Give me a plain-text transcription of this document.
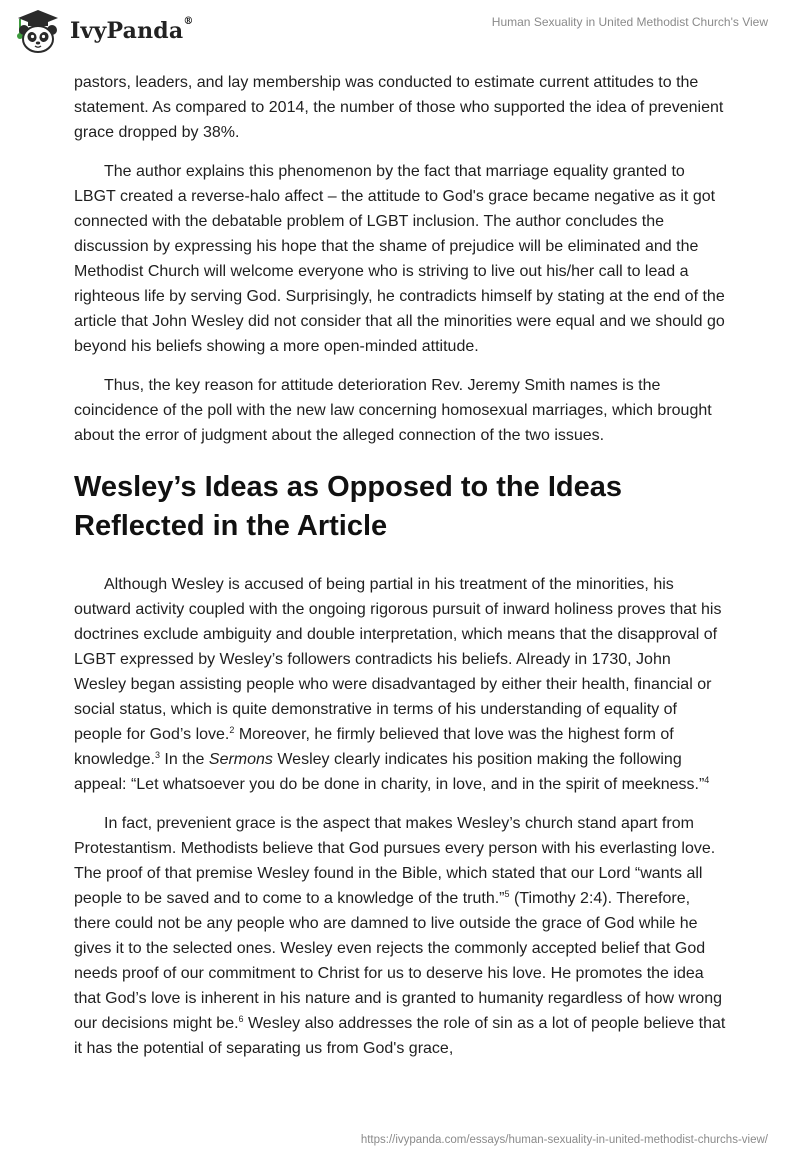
IvyPanda®	Human Sexuality in United Methodist Church's View

pastors, leaders, and lay membership was conducted to estimate current attitudes to the statement. As compared to 2014, the number of those who supported the idea of prevenient grace dropped by 38%.

The author explains this phenomenon by the fact that marriage equality granted to LBGT created a reverse-halo affect – the attitude to God's grace became negative as it got connected with the debatable problem of LGBT inclusion. The author concludes the discussion by expressing his hope that the shame of prejudice will be eliminated and the Methodist Church will welcome everyone who is striving to live out his/her call to lead a righteous life by serving God. Surprisingly, he contradicts himself by stating at the end of the article that John Wesley did not consider that all the minorities were equal and we should go beyond his beliefs showing a more open-minded attitude.

Thus, the key reason for attitude deterioration Rev. Jeremy Smith names is the coincidence of the poll with the new law concerning homosexual marriages, which brought about the error of judgment about the alleged connection of the two issues.

Wesley’s Ideas as Opposed to the Ideas Reflected in the Article

Although Wesley is accused of being partial in his treatment of the minorities, his outward activity coupled with the ongoing rigorous pursuit of inward holiness proves that his doctrines exclude ambiguity and double interpretation, which means that the disapproval of LGBT expressed by Wesley’s followers contradicts his beliefs. Already in 1730, John Wesley began assisting people who were disadvantaged by either their health, financial or social status, which is quite demonstrative in terms of his understanding of equality of people for God’s love.$^2$ Moreover, he firmly believed that love was the highest form of knowledge.$^3$ In the Sermons Wesley clearly indicates his position making the following appeal: “Let whatsoever you do be done in charity, in love, and in the spirit of meekness.”$^4$

In fact, prevenient grace is the aspect that makes Wesley’s church stand apart from Protestantism. Methodists believe that God pursues every person with his everlasting love. The proof of that premise Wesley found in the Bible, which stated that our Lord “wants all people to be saved and to come to a knowledge of the truth.”$^5$ (Timothy 2:4). Therefore, there could not be any people who are damned to live outside the grace of God while he gives it to the selected ones. Wesley even rejects the commonly accepted belief that God needs proof of our commitment to Christ for us to deserve his love. He promotes the idea that God’s love is inherent in his nature and is granted to humanity regardless of how wrong our decisions might be.$^6$ Wesley also addresses the role of sin as a lot of people believe that it has the potential of separating us from God's grace,

https://ivypanda.com/essays/human-sexuality-in-united-methodist-churchs-view/
